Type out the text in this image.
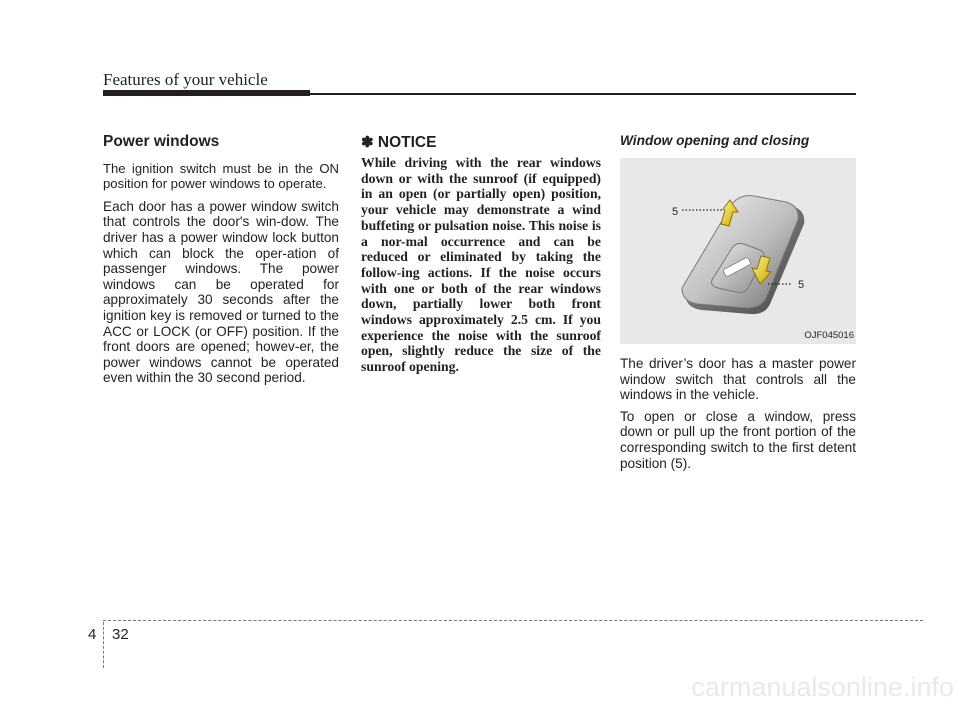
Features of your vehicle
Power windows

The ignition switch must be in the ON position for power windows to operate.

Each door has a power window switch that controls the door's win-dow. The driver has a power window lock button which can block the oper-ation of passenger windows. The power windows can be operated for approximately 30 seconds after the ignition key is removed or turned to the ACC or LOCK (or OFF) position. If the front doors are opened; howev-er, the power windows cannot be operated even within the 30 second period.

✽ NOTICE

While driving with the rear windows down or with the sunroof (if equipped) in an open (or partially open) position, your vehicle may demonstrate a wind buffeting or pulsation noise. This noise is a nor-mal occurrence and can be reduced or eliminated by taking the follow-ing actions. If the noise occurs with one or both of the rear windows down, partially lower both front windows approximately 2.5 cm. If you experience the noise with the sunroof open, slightly reduce the size of the sunroof opening.

Window opening and closing
5
5
OJF045016

The driver’s door has a master power window switch that controls all the windows in the vehicle.

To open or close a window, press down or pull up the front portion of the corresponding switch to the first detent position (5).

4 32
carmanualsonline.info
